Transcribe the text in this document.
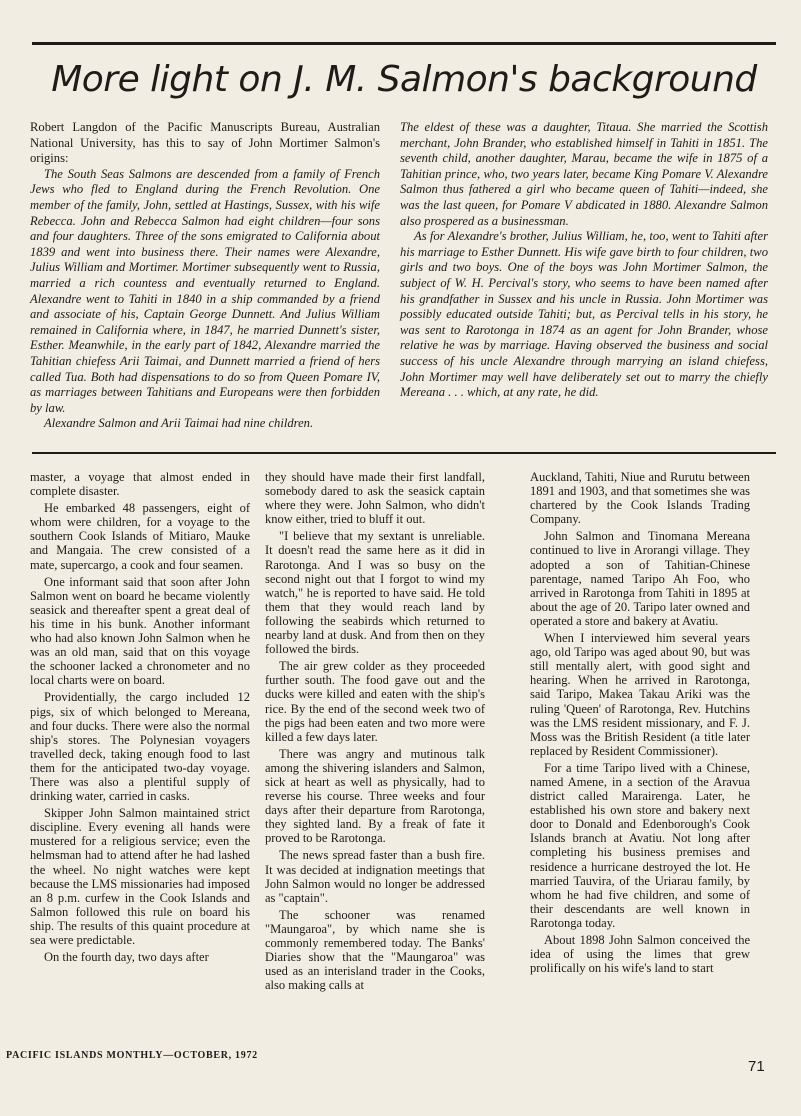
More light on J. M. Salmon's background

Robert Langdon of the Pacific Manuscripts Bureau, Australian National University, has this to say of John Mortimer Salmon's origins:

The South Seas Salmons are descended from a family of French Jews who fled to England during the French Revolution. One member of the family, John, settled at Hastings, Sussex, with his wife Rebecca. John and Rebecca Salmon had eight children—four sons and four daughters. Three of the sons emigrated to California about 1839 and went into business there. Their names were Alexandre, Julius William and Mortimer. Mortimer subsequently went to Russia, married a rich countess and eventually returned to England. Alexandre went to Tahiti in 1840 in a ship commanded by a friend and associate of his, Captain George Dunnett. And Julius William remained in California where, in 1847, he married Dunnett's sister, Esther. Meanwhile, in the early part of 1842, Alexandre married the Tahitian chiefess Arii Taimai, and Dunnett married a friend of hers called Tua. Both had dispensations to do so from Queen Pomare IV, as marriages between Tahitians and Europeans were then forbidden by law.

Alexandre Salmon and Arii Taimai had nine children.

The eldest of these was a daughter, Titaua. She married the Scottish merchant, John Brander, who established himself in Tahiti in 1851. The seventh child, another daughter, Marau, became the wife in 1875 of a Tahitian prince, who, two years later, became King Pomare V. Alexandre Salmon thus fathered a girl who became queen of Tahiti—indeed, she was the last queen, for Pomare V abdicated in 1880. Alexandre Salmon also prospered as a businessman.

As for Alexandre's brother, Julius William, he, too, went to Tahiti after his marriage to Esther Dunnett. His wife gave birth to four children, two girls and two boys. One of the boys was John Mortimer Salmon, the subject of W. H. Percival's story, who seems to have been named after his grandfather in Sussex and his uncle in Russia. John Mortimer was possibly educated outside Tahiti; but, as Percival tells in his story, he was sent to Rarotonga in 1874 as an agent for John Brander, whose relative he was by marriage. Having observed the business and social success of his uncle Alexandre through marrying an island chiefess, John Mortimer may well have deliberately set out to marry the chiefly Mereana . . . which, at any rate, he did.

master, a voyage that almost ended in complete disaster.

He embarked 48 passengers, eight of whom were children, for a voyage to the southern Cook Islands of Mitiaro, Mauke and Mangaia. The crew consisted of a mate, supercargo, a cook and four seamen.

One informant said that soon after John Salmon went on board he became violently seasick and thereafter spent a great deal of his time in his bunk. Another informant who had also known John Salmon when he was an old man, said that on this voyage the schooner lacked a chronometer and no local charts were on board.

Providentially, the cargo included 12 pigs, six of which belonged to Mereana, and four ducks. There were also the normal ship's stores. The Polynesian voyagers travelled deck, taking enough food to last them for the anticipated two-day voyage. There was also a plentiful supply of drinking water, carried in casks.

Skipper John Salmon maintained strict discipline. Every evening all hands were mustered for a religious service; even the helmsman had to attend after he had lashed the wheel. No night watches were kept because the LMS missionaries had imposed an 8 p.m. curfew in the Cook Islands and Salmon followed this rule on board his ship. The results of this quaint procedure at sea were predictable.

On the fourth day, two days after

they should have made their first landfall, somebody dared to ask the seasick captain where they were. John Salmon, who didn't know either, tried to bluff it out.

"I believe that my sextant is unreliable. It doesn't read the same here as it did in Rarotonga. And I was so busy on the second night out that I forgot to wind my watch," he is reported to have said. He told them that they would reach land by following the seabirds which returned to nearby land at dusk. And from then on they followed the birds.

The air grew colder as they proceeded further south. The food gave out and the ducks were killed and eaten with the ship's rice. By the end of the second week two of the pigs had been eaten and two more were killed a few days later.

There was angry and mutinous talk among the shivering islanders and Salmon, sick at heart as well as physically, had to reverse his course. Three weeks and four days after their departure from Rarotonga, they sighted land. By a freak of fate it proved to be Rarotonga.

The news spread faster than a bush fire. It was decided at indignation meetings that John Salmon would no longer be addressed as "captain".

The schooner was renamed "Maungaroa", by which name she is commonly remembered today. The Banks' Diaries show that the "Maungaroa" was used as an interisland trader in the Cooks, also making calls at

Auckland, Tahiti, Niue and Rurutu between 1891 and 1903, and that sometimes she was chartered by the Cook Islands Trading Company.

John Salmon and Tinomana Mereana continued to live in Arorangi village. They adopted a son of Tahitian-Chinese parentage, named Taripo Ah Foo, who arrived in Rarotonga from Tahiti in 1895 at about the age of 20. Taripo later owned and operated a store and bakery at Avatiu.

When I interviewed him several years ago, old Taripo was aged about 90, but was still mentally alert, with good sight and hearing. When he arrived in Rarotonga, said Taripo, Makea Takau Ariki was the ruling 'Queen' of Rarotonga, Rev. Hutchins was the LMS resident missionary, and F. J. Moss was the British Resident (a title later replaced by Resident Commissioner).

For a time Taripo lived with a Chinese, named Amene, in a section of the Aravua district called Marairenga. Later, he established his own store and bakery next door to Donald and Edenborough's Cook Islands branch at Avatiu. Not long after completing his business premises and residence a hurricane destroyed the lot. He married Tauvira, of the Uriarau family, by whom he had five children, and some of their descendants are well known in Rarotonga today.

About 1898 John Salmon conceived the idea of using the limes that grew prolifically on his wife's land to start

PACIFIC ISLANDS MONTHLY—OCTOBER, 1972
71
